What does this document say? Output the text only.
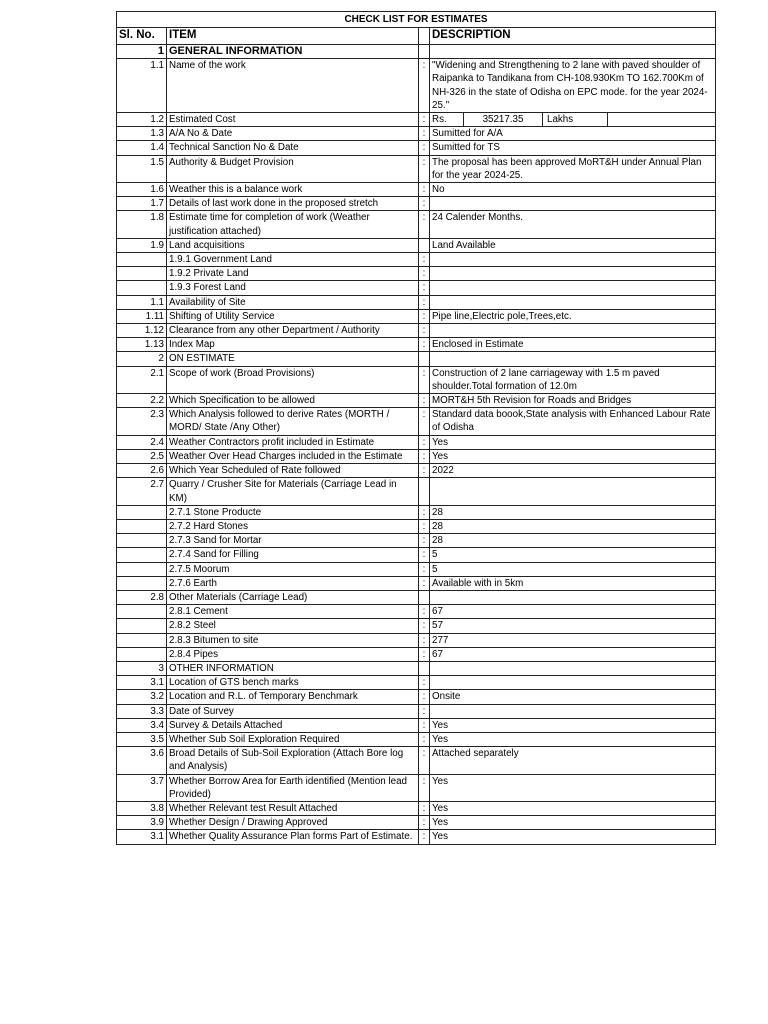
CHECK LIST FOR ESTIMATES			
Sl. No.	ITEM		DESCRIPTION
1	GENERAL INFORMATION		
1.1	Name of the work	:	"Widening and Strengthening to 2 lane with paved shoulder of Raipanka to Tandikana from CH-108.930Km TO 162.700Km of NH-326 in the state of Odisha on EPC mode. for the year 2024-25."
1.2	Estimated Cost	:	Rs. 35217.35 Lakhs

1.3	A/A No & Date	:	Sumitted for A/A
1.4	Technical Sanction No & Date	:	Sumitted for TS
1.5	Authority & Budget Provision	:	The proposal has been approved MoRT&H under Annual Plan for the year 2024-25.
1.6	Weather this is a balance work	:	No
1.7	Details of last work done in the proposed stretch	:	
1.8	Estimate time for completion of work (Weather justification attached)	:	24 Calender Months.
1.9	Land acquisitions		Land Available
	1.9.1 Government Land	:	
	1.9.2 Private Land	:	
	1.9.3 Forest Land	:	
1.1	Availability of Site	:	
1.11	Shifting of Utility Service	:	Pipe line,Electric pole,Trees,etc.
1.12	Clearance from any other Department / Authority	:	
1.13	Index Map	:	Enclosed in Estimate
2	ON ESTIMATE		
2.1	Scope of work (Broad Provisions)	:	Construction of 2 lane carriageway with 1.5 m paved shoulder.Total formation of 12.0m
2.2	Which Specification to be allowed	:	MORT&H 5th Revision for Roads and Bridges
2.3	Which Analysis followed to derive Rates (MORTH / MORD/ State /Any Other)	:	Standard data boook,State analysis with Enhanced Labour Rate of Odisha
2.4	Weather Contractors profit included in Estimate	:	Yes
2.5	Weather Over Head Charges included in the Estimate	:	Yes
2.6	Which Year Scheduled of Rate followed	:	2022
2.7	Quarry / Crusher Site for Materials (Carriage Lead in KM)		
	2.7.1 Stone Producte	:	28
	2.7.2 Hard Stones	:	28
	2.7.3 Sand for Mortar	:	28
	2.7.4 Sand for Filling	:	5
	2.7.5 Moorum	:	5
	2.7.6 Earth	:	Available with in 5km
2.8	Other Materials (Carriage Lead)		
	2.8.1 Cement	:	67
	2.8.2 Steel	:	57
	2.8.3 Bitumen to site	:	277
	2.8.4 Pipes	:	67
3	OTHER INFORMATION		
3.1	Location of GTS bench marks	:	
3.2	Location and R.L. of Temporary Benchmark	:	Onsite
3.3	Date of Survey	:	
3.4	Survey & Details Attached	:	Yes
3.5	Whether Sub Soil Exploration Required	:	Yes
3.6	Broad Details of Sub-Soil Exploration (Attach Bore log and Analysis)	:	Attached separately
3.7	Whether Borrow Area for Earth identified (Mention lead Provided)	:	Yes
3.8	Whether Relevant test Result Attached	:	Yes
3.9	Whether Design / Drawing Approved	:	Yes
3.1	Whether Quality Assurance Plan forms Part of Estimate.	:	Yes
